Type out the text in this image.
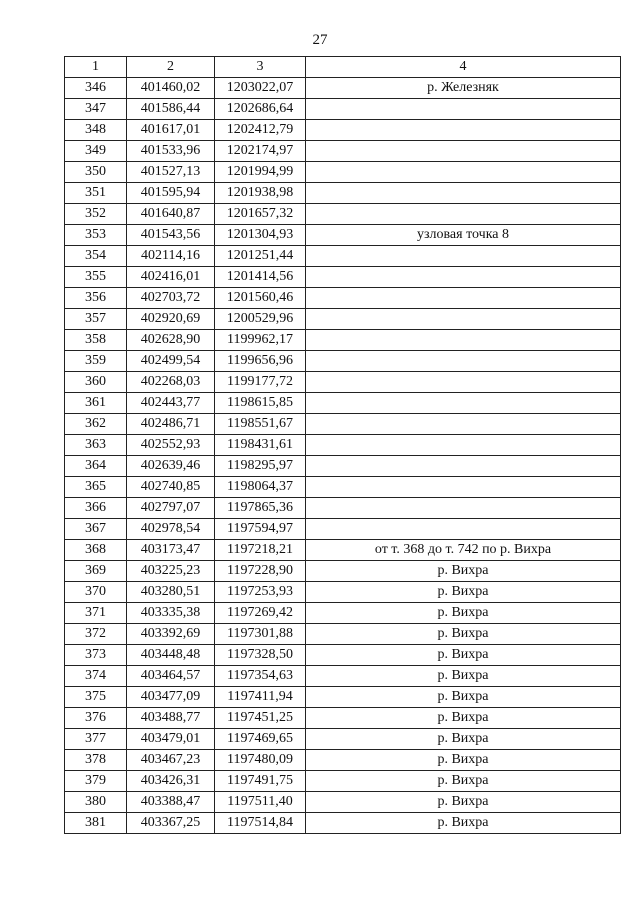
27
1	2	3	4
346	401460,02	1203022,07	р. Железняк
347	401586,44	1202686,64	
348	401617,01	1202412,79	
349	401533,96	1202174,97	
350	401527,13	1201994,99	
351	401595,94	1201938,98	
352	401640,87	1201657,32	
353	401543,56	1201304,93	узловая точка 8
354	402114,16	1201251,44	
355	402416,01	1201414,56	
356	402703,72	1201560,46	
357	402920,69	1200529,96	
358	402628,90	1199962,17	
359	402499,54	1199656,96	
360	402268,03	1199177,72	
361	402443,77	1198615,85	
362	402486,71	1198551,67	
363	402552,93	1198431,61	
364	402639,46	1198295,97	
365	402740,85	1198064,37	
366	402797,07	1197865,36	
367	402978,54	1197594,97	
368	403173,47	1197218,21	от т. 368 до т. 742 по р. Вихра
369	403225,23	1197228,90	р. Вихра
370	403280,51	1197253,93	р. Вихра
371	403335,38	1197269,42	р. Вихра
372	403392,69	1197301,88	р. Вихра
373	403448,48	1197328,50	р. Вихра
374	403464,57	1197354,63	р. Вихра
375	403477,09	1197411,94	р. Вихра
376	403488,77	1197451,25	р. Вихра
377	403479,01	1197469,65	р. Вихра
378	403467,23	1197480,09	р. Вихра
379	403426,31	1197491,75	р. Вихра
380	403388,47	1197511,40	р. Вихра
381	403367,25	1197514,84	р. Вихра
